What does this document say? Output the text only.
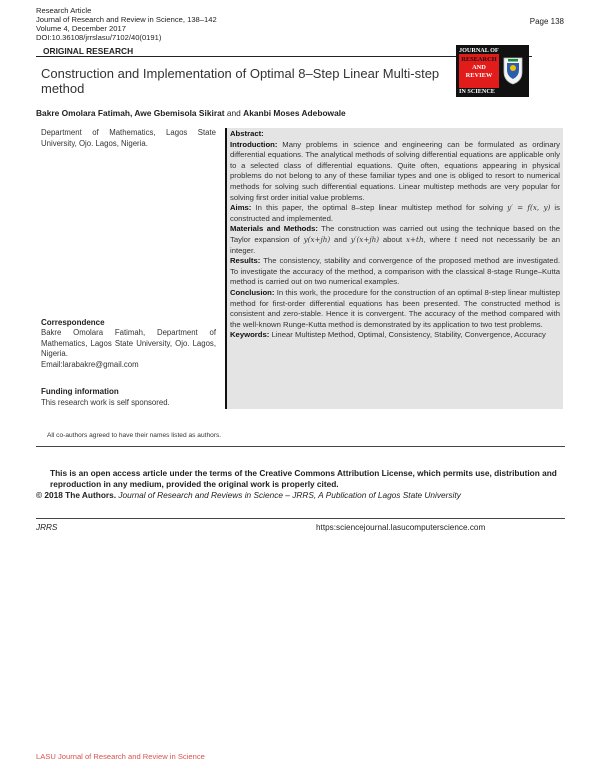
Research Article
Journal of Research and Review in Science, 138–142
Volume 4, December 2017
DOI:10.36108/jrrslasu/7102/40(0191)
Page 138
ORIGINAL RESEARCH
Construction and Implementation of Optimal 8–Step Linear Multi-step method
JOURNAL OF
RESEARCH
AND
REVIEW
IN SCIENCE
Bakre Omolara Fatimah, Awe Gbemisola Sikirat and Akanbi Moses Adebowale

Department of Mathematics, Lagos State University, Ojo. Lagos, Nigeria.

Correspondence
Bakre Omolara Fatimah, Department of Mathematics, Lagos State University, Ojo. Lagos, Nigeria.
Email:larabakre@gmail.com
Funding information
This research work is self sponsored.

Abstract:

Introduction: Many problems in science and engineering can be formulated as ordinary differential equations. The analytical methods of solving differential equations are applicable only to a selected class of differential equations. Quite often, equations appearing in physical problems do not belong to any of these familiar types and one is obliged to resort to numerical methods for solving such differential equations. Linear multistep methods are very popular for solving first order initial value problems.

Aims: In this paper, the optimal 8–step linear multistep method for solving y′ = f(x, y) is constructed and implemented.

Materials and Methods: The construction was carried out using the technique based on the Taylor expansion of y(x+jh) and y′(x+jh) about x+th, where t need not necessarily be an integer.

Results: The consistency, stability and convergence of the proposed method are investigated. To investigate the accuracy of the method, a comparison with the classical 8-stage Runge–Kutta method is carried out on two numerical examples.

Conclusion: In this work, the procedure for the construction of an optimal 8-step linear multistep method for first-order differential equations has been presented. The constructed method is consistent and zero-stable. Hence it is convergent. The accuracy of the method compared with the well-known Runge-Kutta method is demonstrated by its application to two test problems.

Keywords: Linear Multistep Method, Optimal, Consistency, Stability, Convergence, Accuracy

All co-authors agreed to have their names listed as authors.
This is an open access article under the terms of the Creative Commons Attribution License, which permits use, distribution and reproduction in any medium, provided the original work is properly cited.
© 2018 The Authors. Journal of Research and Reviews in Science – JRRS, A Publication of Lagos State University
JRRS	https:sciencejournal.lasucomputerscience.com
LASU Journal of Research and Review in Science
